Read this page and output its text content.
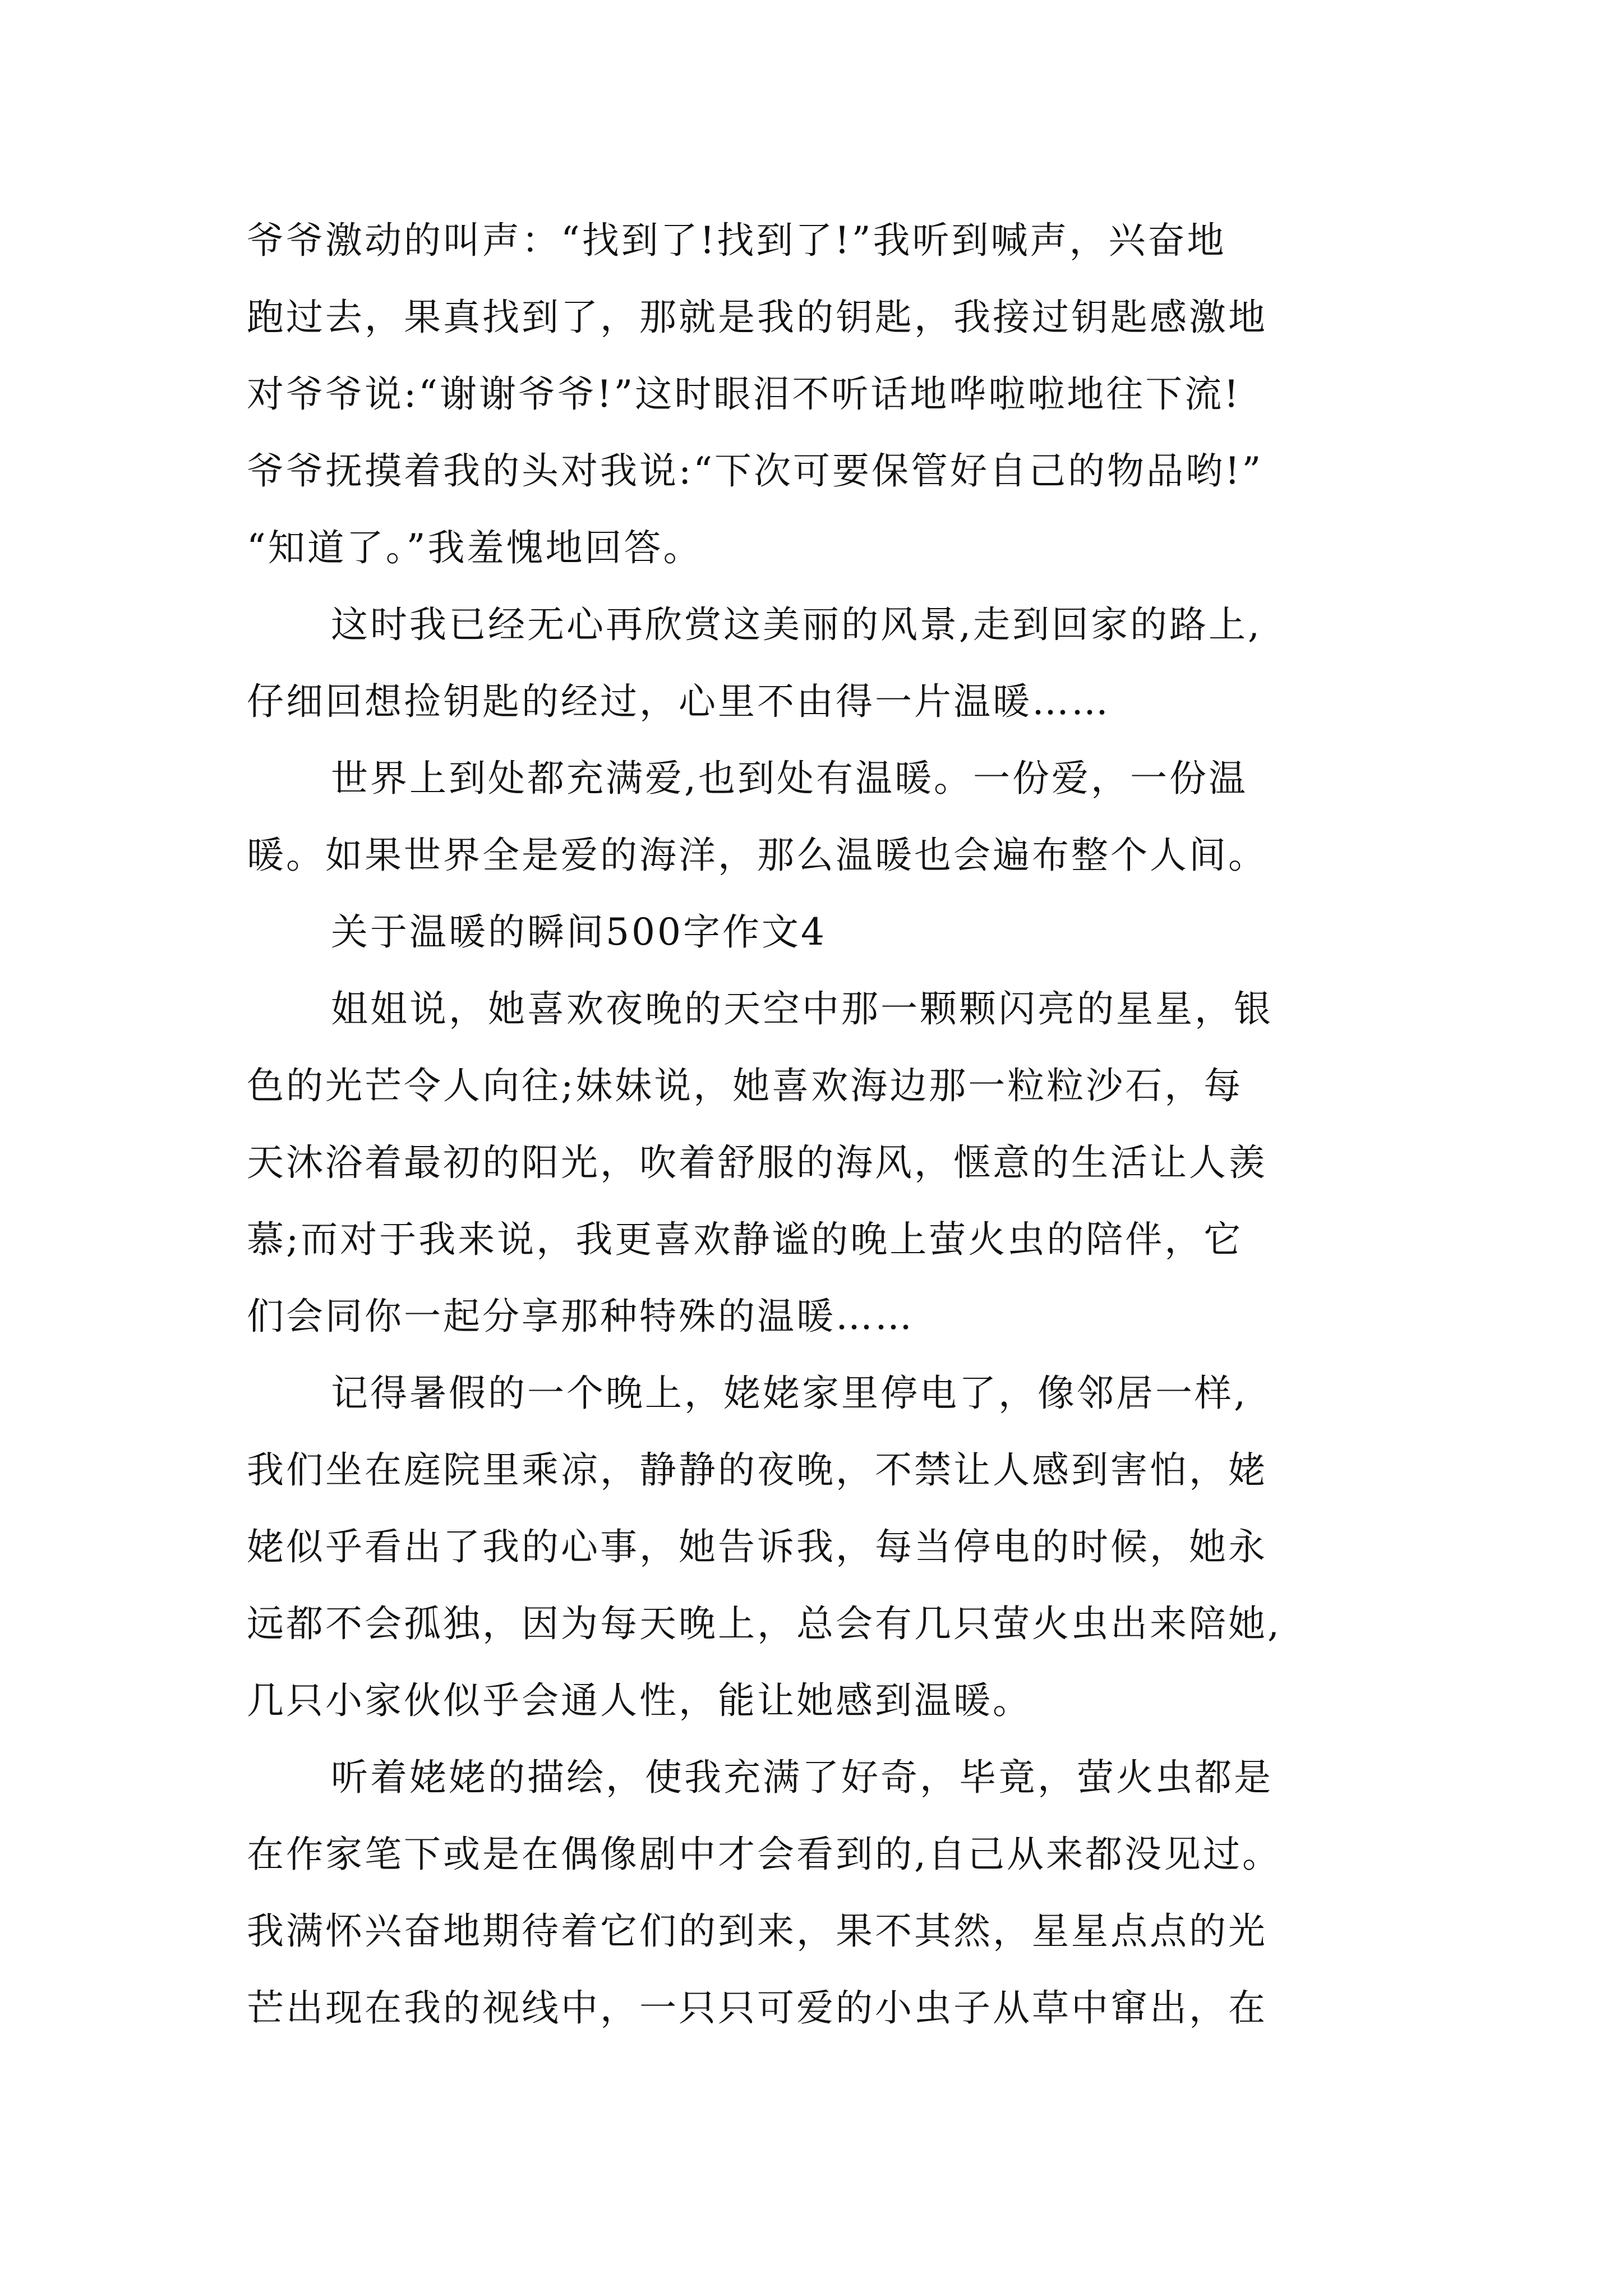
爷爷激动的叫声：“找到了!找到了!”我听到喊声，兴奋地
跑过去，果真找到了，那就是我的钥匙，我接过钥匙感激地
对爷爷说:“谢谢爷爷!”这时眼泪不听话地哗啦啦地往下流!
爷爷抚摸着我的头对我说:“下次可要保管好自己的物品哟!”
“知道了。”我羞愧地回答。
这时我已经无心再欣赏这美丽的风景,走到回家的路上,
仔细回想捡钥匙的经过，心里不由得一片温暖……
世界上到处都充满爱,也到处有温暖。一份爱，一份温
暖。如果世界全是爱的海洋，那么温暖也会遍布整个人间。
关于温暖的瞬间500字作文4
姐姐说，她喜欢夜晚的天空中那一颗颗闪亮的星星，银
色的光芒令人向往;妹妹说，她喜欢海边那一粒粒沙石，每
天沐浴着最初的阳光，吹着舒服的海风，惬意的生活让人羡
慕;而对于我来说，我更喜欢静谧的晚上萤火虫的陪伴，它
们会同你一起分享那种特殊的温暖……
记得暑假的一个晚上，姥姥家里停电了，像邻居一样,
我们坐在庭院里乘凉，静静的夜晚，不禁让人感到害怕，姥
姥似乎看出了我的心事，她告诉我，每当停电的时候，她永
远都不会孤独，因为每天晚上，总会有几只萤火虫出来陪她,
几只小家伙似乎会通人性，能让她感到温暖。
听着姥姥的描绘，使我充满了好奇，毕竟，萤火虫都是
在作家笔下或是在偶像剧中才会看到的,自己从来都没见过。
我满怀兴奋地期待着它们的到来，果不其然，星星点点的光
芒出现在我的视线中，一只只可爱的小虫子从草中窜出，在
